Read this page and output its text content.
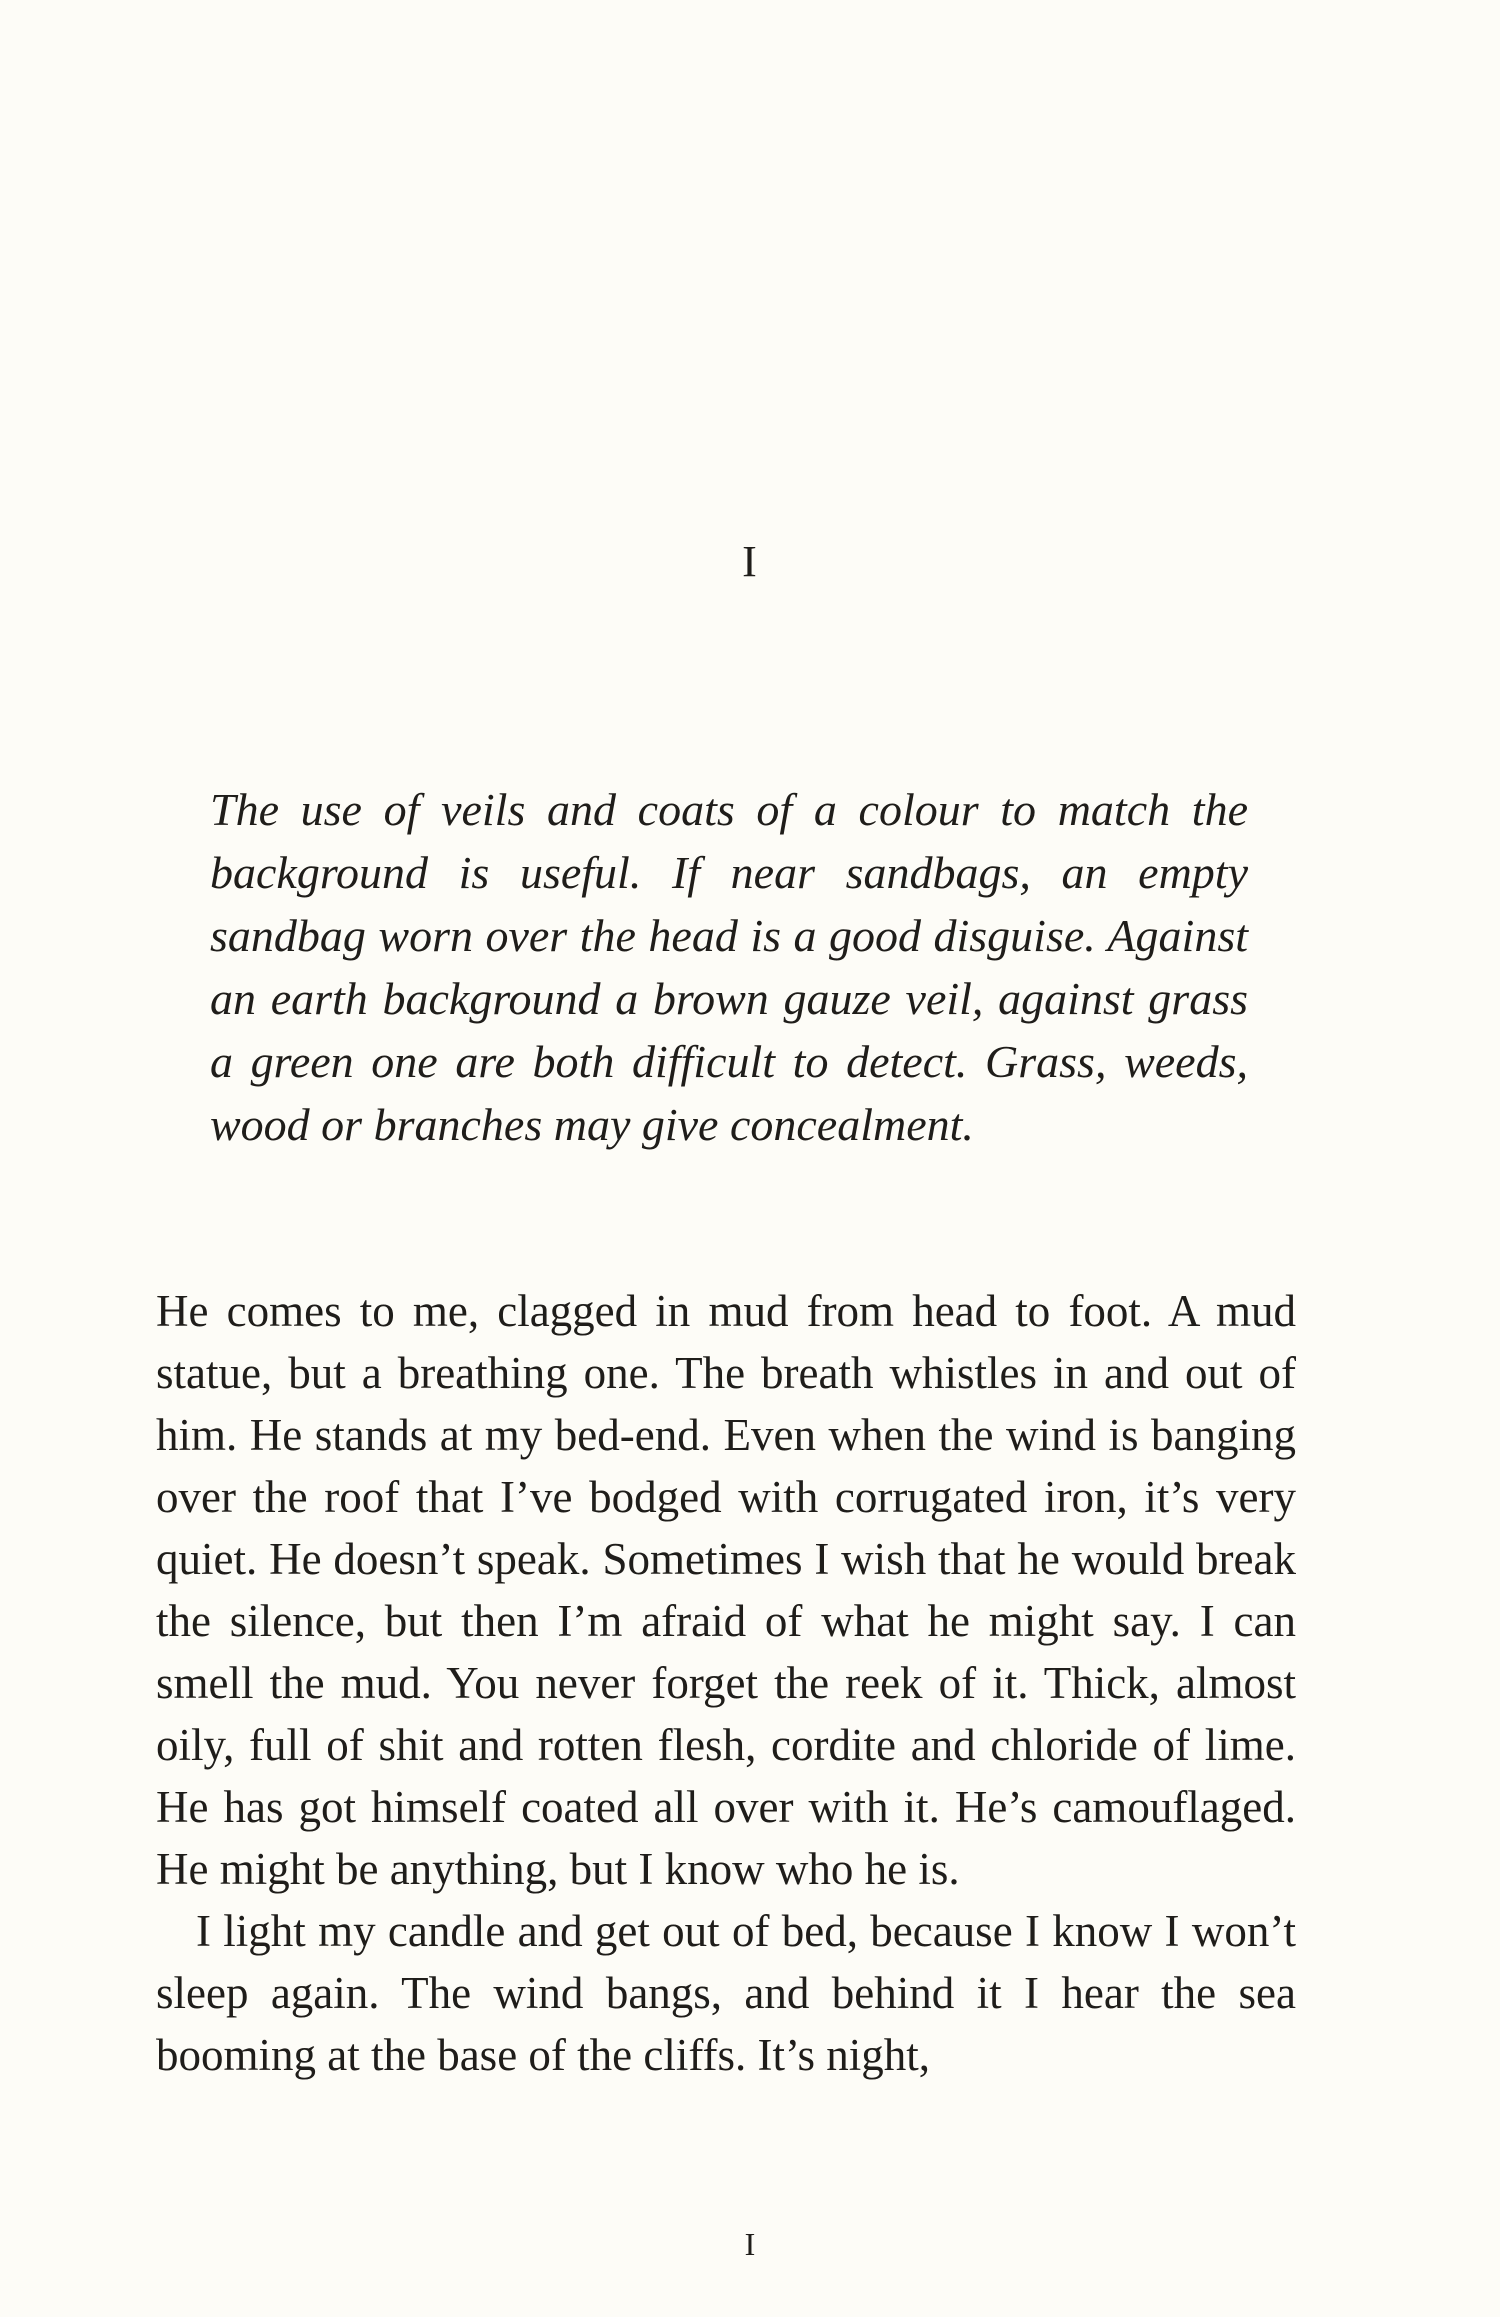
I

The use of veils and coats of a colour to match the background is useful. If near sandbags, an empty sandbag worn over the head is a good disguise. Against an earth background a brown gauze veil, against grass a green one are both difficult to detect. Grass, weeds, wood or branches may give concealment.

He comes to me, clagged in mud from head to foot. A mud statue, but a breathing one. The breath whistles in and out of him. He stands at my bed-end. Even when the wind is banging over the roof that I’ve bodged with corrugated iron, it’s very quiet. He doesn’t speak. Sometimes I wish that he would break the silence, but then I’m afraid of what he might say. I can smell the mud. You never forget the reek of it. Thick, almost oily, full of shit and rotten flesh, cordite and chloride of lime. He has got himself coated all over with it. He’s camouflaged. He might be anything, but I know who he is.

I light my candle and get out of bed, because I know I won’t sleep again. The wind bangs, and behind it I hear the sea booming at the base of the cliffs. It’s night,

I
